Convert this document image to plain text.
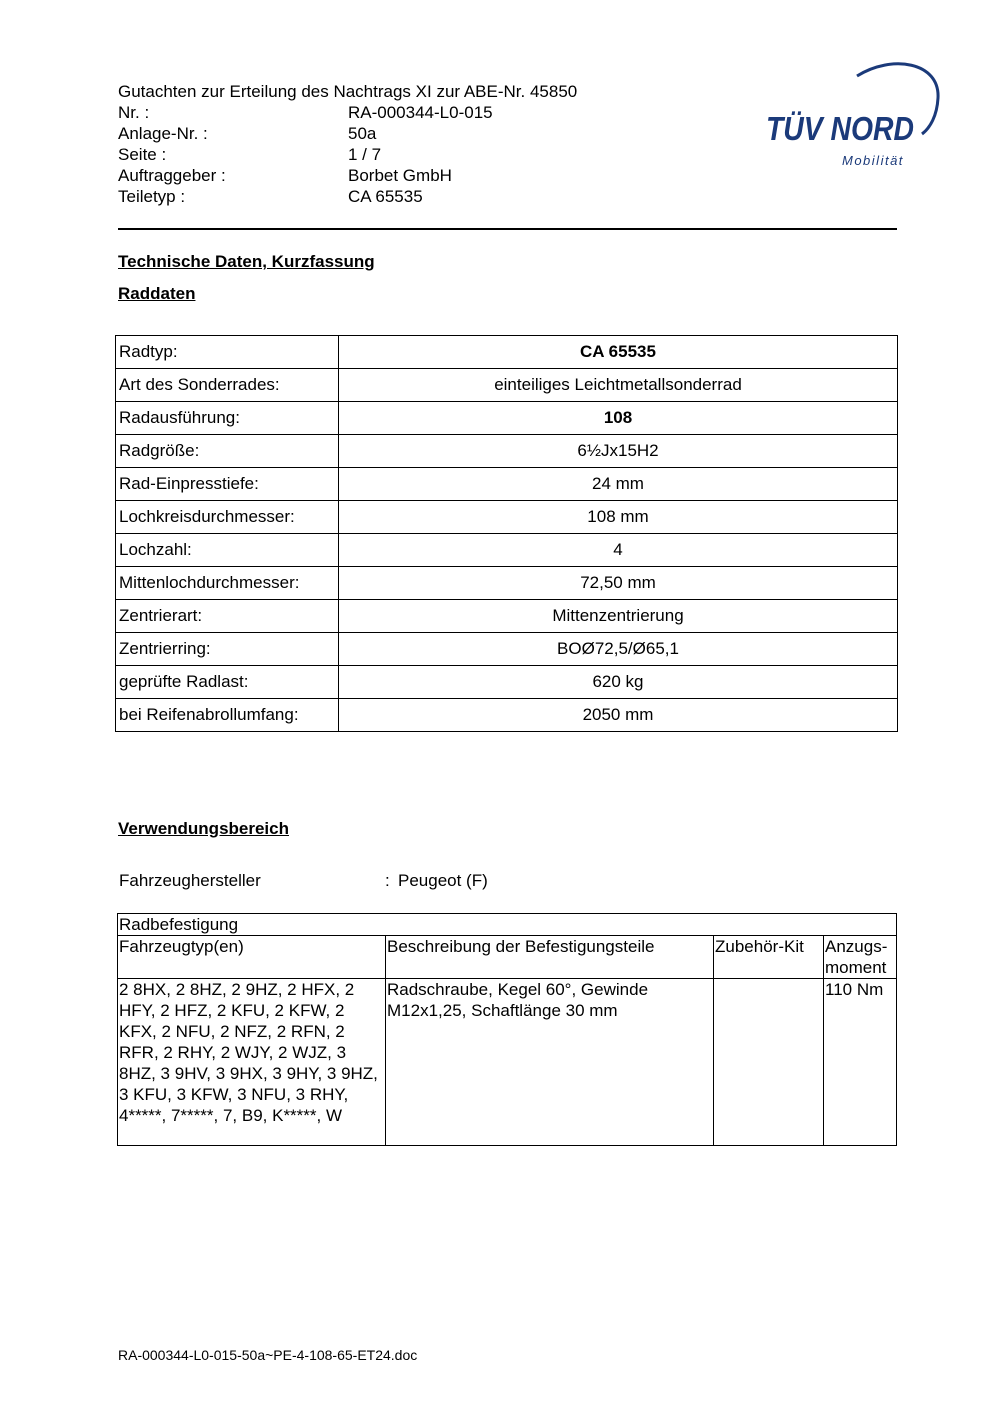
Gutachten zur Erteilung des Nachtrags XI zur ABE-Nr. 45850
Nr. :	RA-000344-L0-015
Anlage-Nr. :	50a
Seite :	1 / 7
Auftraggeber :	Borbet GmbH
Teiletyp :	CA 65535
TÜV NORD
Mobilität
Technische Daten, Kurzfassung
Raddaten
Radtyp:	CA 65535
Art des Sonderrades:	einteiliges Leichtmetallsonderrad
Radausführung:	108
Radgröße:	6½Jx15H2
Rad-Einpresstiefe:	24 mm
Lochkreisdurchmesser:	108 mm
Lochzahl:	4
Mittenlochdurchmesser:	72,50 mm
Zentrierart:	Mittenzentrierung
Zentrierring:	BOØ72,5/Ø65,1
geprüfte Radlast:	620 kg
bei Reifenabrollumfang:	2050 mm
Verwendungsbereich
Fahrzeughersteller	: Peugeot (F)
Radbefestigung			
Fahrzeugtyp(en)	Beschreibung der Befestigungsteile	Zubehör-Kit	Anzugs-moment
2 8HX, 2 8HZ, 2 9HZ, 2 HFX, 2 HFY, 2 HFZ, 2 KFU, 2 KFW, 2 KFX, 2 NFU, 2 NFZ, 2 RFN, 2 RFR, 2 RHY, 2 WJY, 2 WJZ, 3 8HZ, 3 9HV, 3 9HX, 3 9HY, 3 9HZ, 3 KFU, 3 KFW, 3 NFU, 3 RHY, 4*****, 7*****, 7, B9, K*****, W	Radschraube, Kegel 60°, Gewinde M12x1,25, Schaftlänge 30 mm		110 Nm
RA-000344-L0-015-50a~PE-4-108-65-ET24.doc
